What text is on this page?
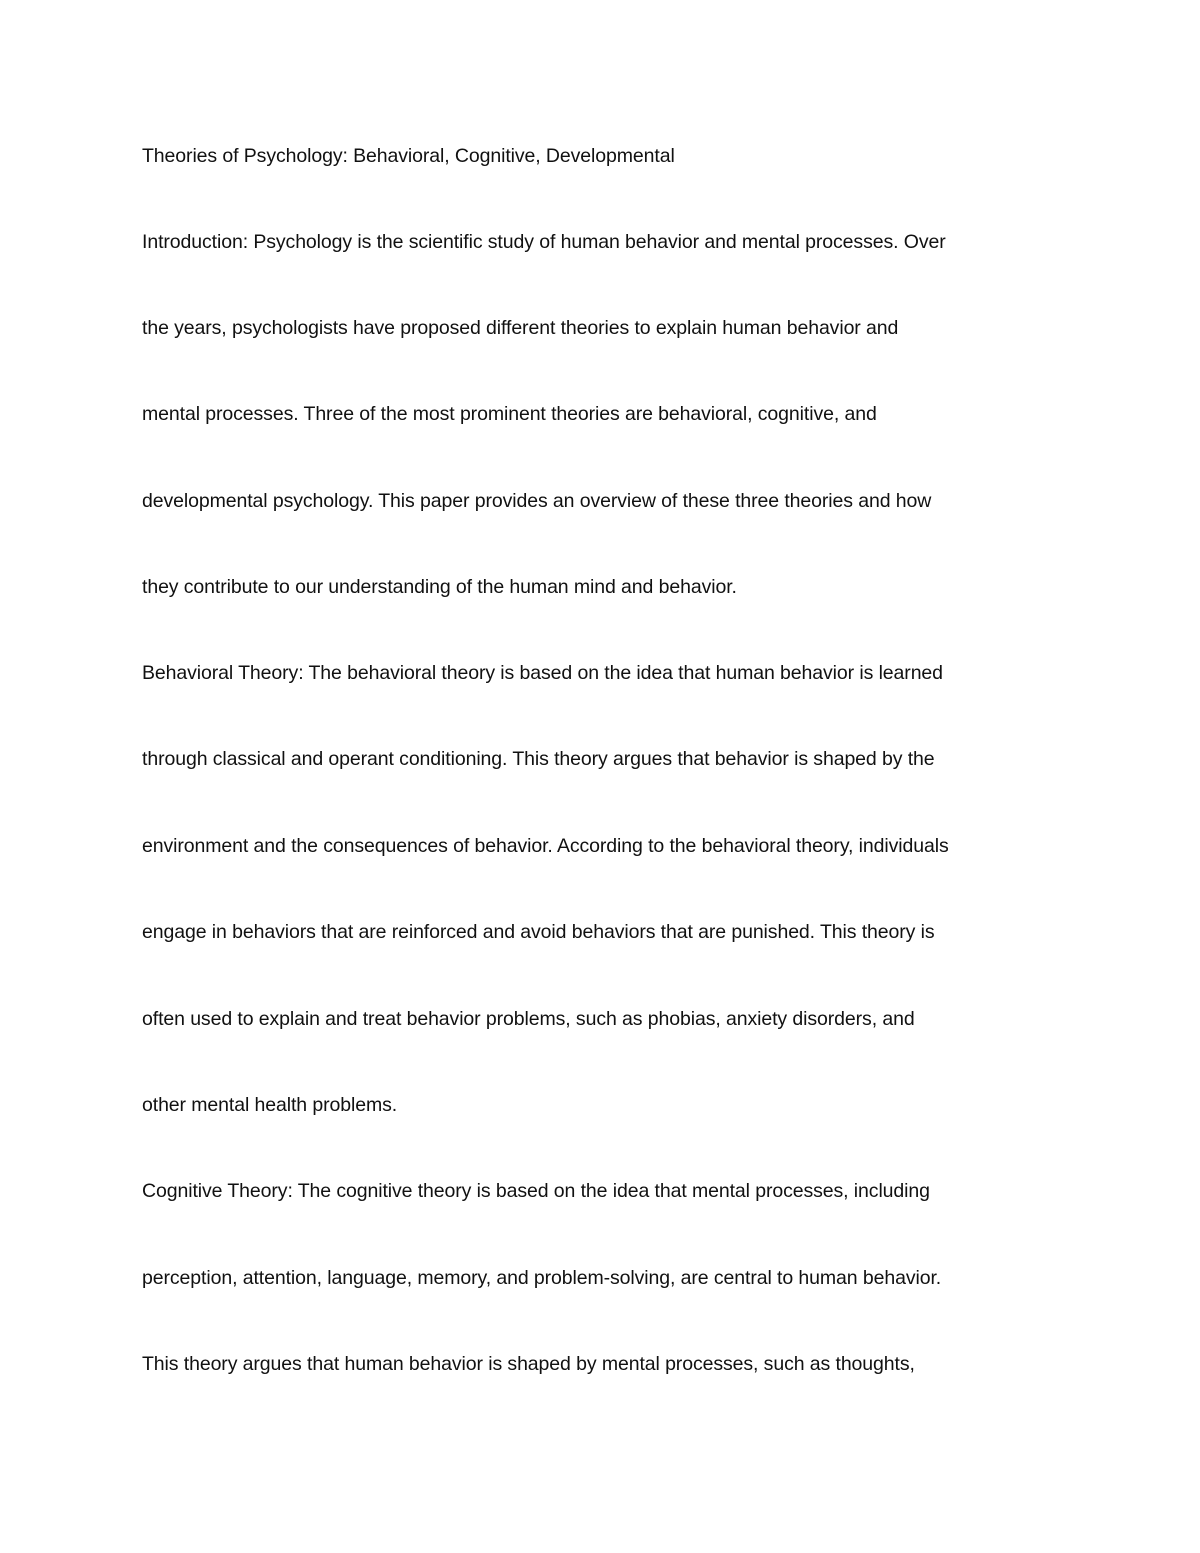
Theories of Psychology: Behavioral, Cognitive, Developmental
Introduction: Psychology is the scientific study of human behavior and mental processes. Over
the years, psychologists have proposed different theories to explain human behavior and
mental processes. Three of the most prominent theories are behavioral, cognitive, and
developmental psychology. This paper provides an overview of these three theories and how
they contribute to our understanding of the human mind and behavior.
Behavioral Theory: The behavioral theory is based on the idea that human behavior is learned
through classical and operant conditioning. This theory argues that behavior is shaped by the
environment and the consequences of behavior. According to the behavioral theory, individuals
engage in behaviors that are reinforced and avoid behaviors that are punished. This theory is
often used to explain and treat behavior problems, such as phobias, anxiety disorders, and
other mental health problems.
Cognitive Theory: The cognitive theory is based on the idea that mental processes, including
perception, attention, language, memory, and problem-solving, are central to human behavior.
This theory argues that human behavior is shaped by mental processes, such as thoughts,
